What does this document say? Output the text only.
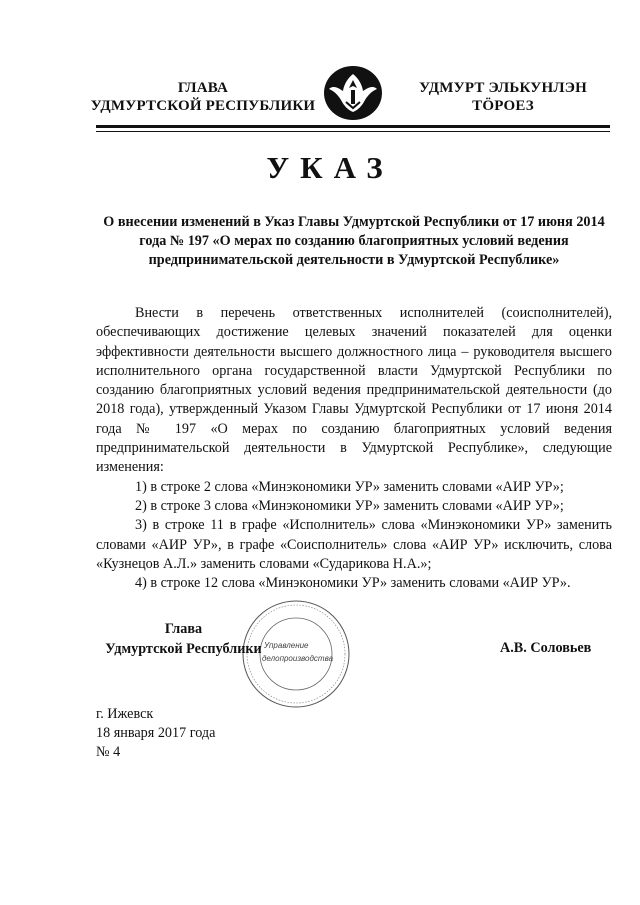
ГЛАВА
УДМУРТСКОЙ РЕСПУБЛИКИ
УДМУРТ ЭЛЬКУНЛЭН
ТӦРОЕЗ
УКАЗ
О внесении изменений в Указ Главы Удмуртской Республики от 17 июня 2014 года № 197 «О мерах по созданию благоприятных условий ведения предпринимательской деятельности в Удмуртской Республике»

Внести в перечень ответственных исполнителей (соисполнителей), обеспечивающих достижение целевых значений показателей для оценки эффективности деятельности высшего должностного лица – руководителя высшего исполнительного органа государственной власти Удмуртской Республики по созданию благоприятных условий ведения предпринимательской деятельности (до 2018 года), утвержденный Указом Главы Удмуртской Республики от 17 июня 2014 года № 197 «О мерах по созданию благоприятных условий ведения предпринимательской деятельности в Удмуртской Республике», следующие изменения:

1) в строке 2 слова «Минэкономики УР» заменить словами «АИР УР»;

2) в строке 3 слова «Минэкономики УР» заменить словами «АИР УР»;

3) в строке 11 в графе «Исполнитель» слова «Минэкономики УР» заменить словами «АИР УР», в графе «Соисполнитель» слова «АИР УР» исключить, слова «Кузнецов А.Л.» заменить словами «Сударикова Н.А.»;

4) в строке 12 слова «Минэкономики УР» заменить словами «АИР УР».

Управление
делопроизводства
Глава
Удмуртской Республики	А.В. Соловьев
г. Ижевск
18 января 2017 года
№ 4
